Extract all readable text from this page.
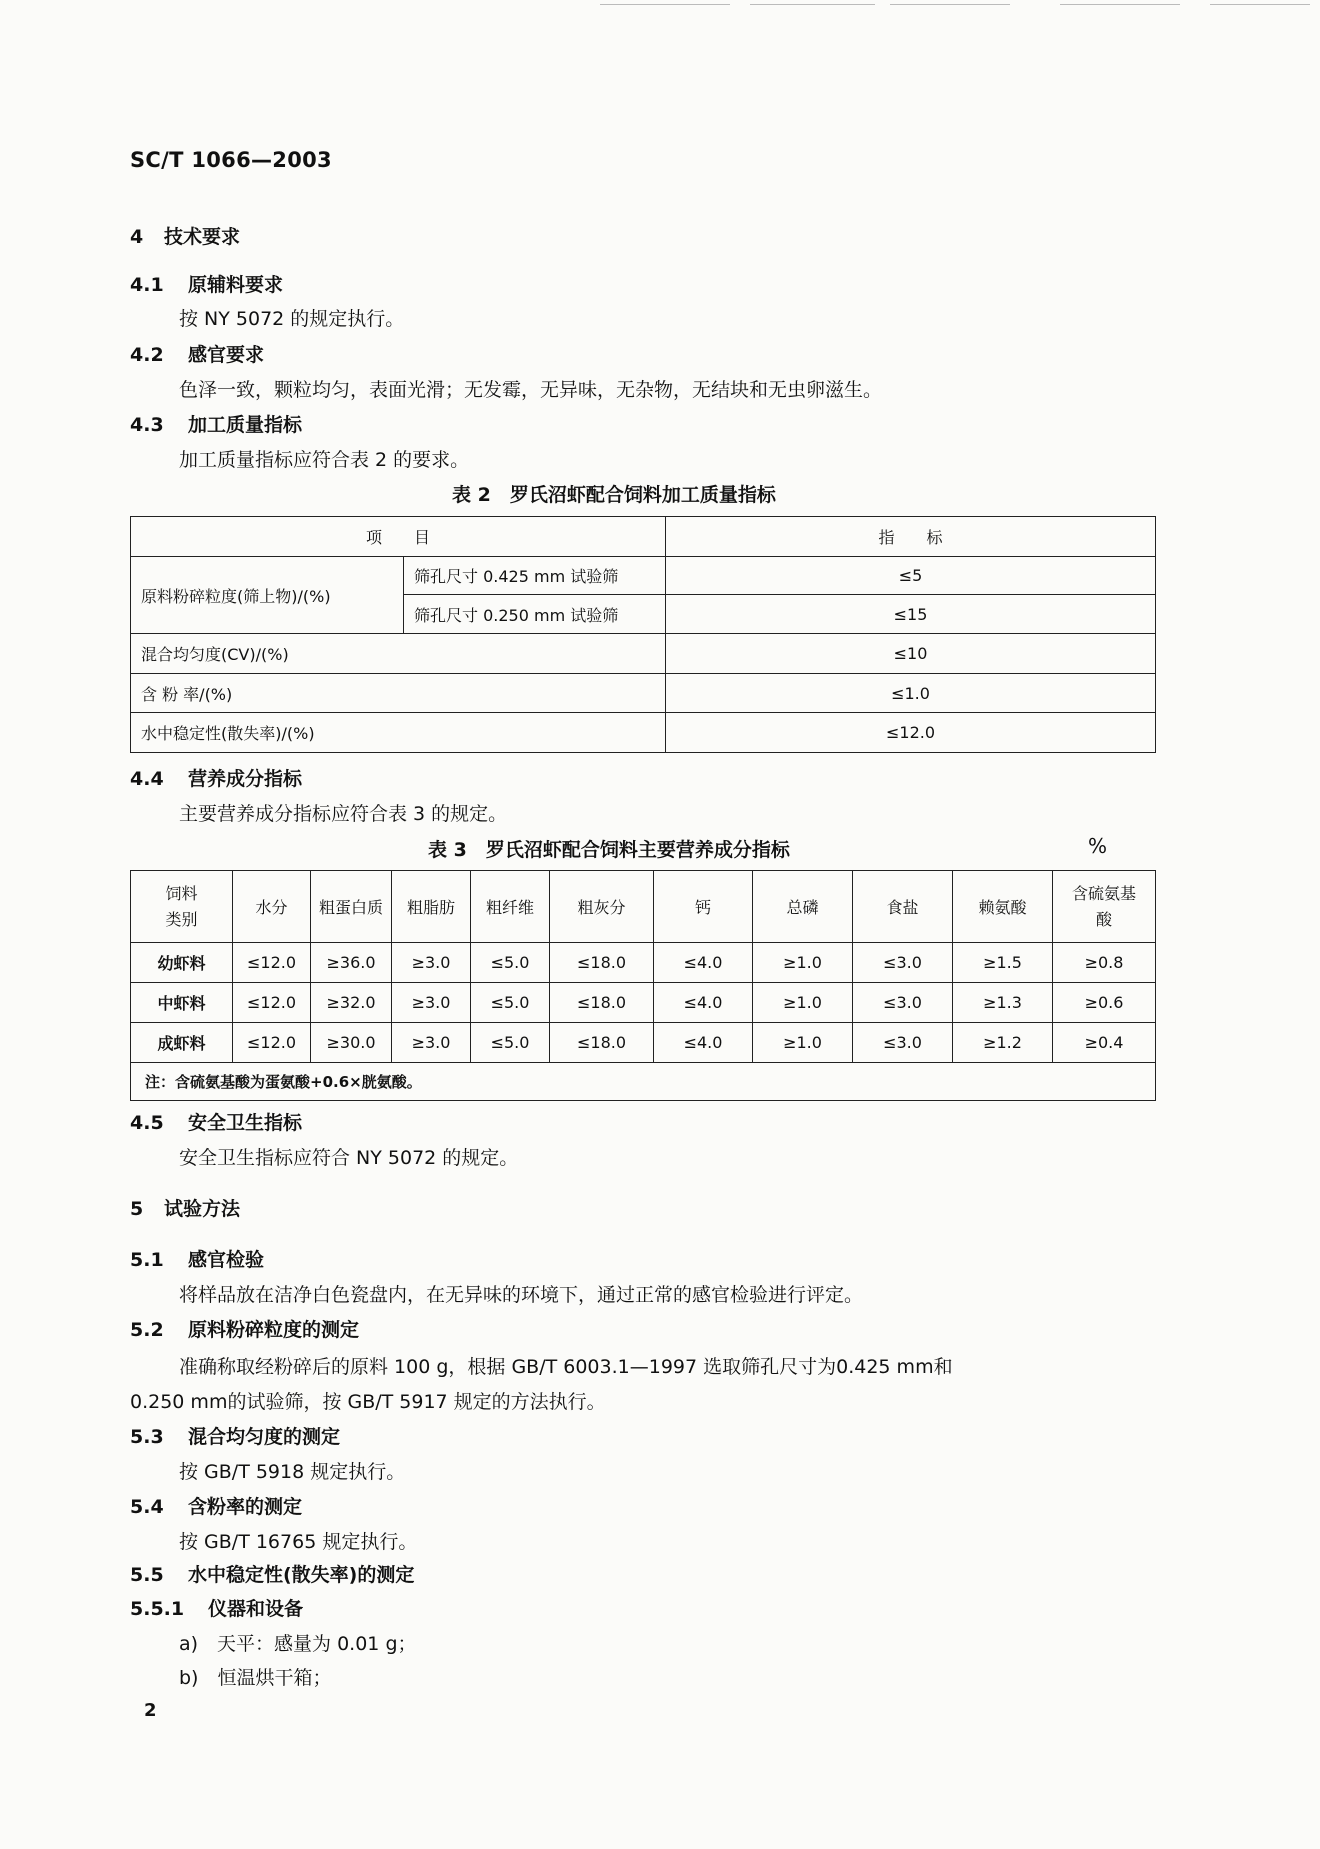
SC/T 1066—2003
4 技术要求
4.1 原辅料要求
按 NY 5072 的规定执行。
4.2 感官要求
色泽一致，颗粒均匀，表面光滑；无发霉，无异味，无杂物，无结块和无虫卵滋生。
4.3 加工质量指标
加工质量指标应符合表 2 的要求。
表 2　罗氏沼虾配合饲料加工质量指标
项　　目		指　　标
原料粉碎粒度(筛上物)/(%)	筛孔尺寸 0.425 mm 试验筛	≤5
	筛孔尺寸 0.250 mm 试验筛	≤15
混合均匀度(CV)/(%)		≤10
含 粉 率/(%)		≤1.0
水中稳定性(散失率)/(%)		≤12.0
4.4 营养成分指标
主要营养成分指标应符合表 3 的规定。
表 3　罗氏沼虾配合饲料主要营养成分指标	%
饲料类别	水分	粗蛋白质	粗脂肪	粗纤维	粗灰分	钙	总磷	食盐	赖氨酸	含硫氨基酸
幼虾料	≤12.0	≥36.0	≥3.0	≤5.0	≤18.0	≤4.0	≥1.0	≤3.0	≥1.5	≥0.8
中虾料	≤12.0	≥32.0	≥3.0	≤5.0	≤18.0	≤4.0	≥1.0	≤3.0	≥1.3	≥0.6
成虾料	≤12.0	≥30.0	≥3.0	≤5.0	≤18.0	≤4.0	≥1.0	≤3.0	≥1.2	≥0.4
注：含硫氨基酸为蛋氨酸+0.6×胱氨酸。										
4.5 安全卫生指标
安全卫生指标应符合 NY 5072 的规定。
5 试验方法
5.1 感官检验
将样品放在洁净白色瓷盘内，在无异味的环境下，通过正常的感官检验进行评定。
5.2 原料粉碎粒度的测定
准确称取经粉碎后的原料 100 g，根据 GB/T 6003.1—1997 选取筛孔尺寸为0.425 mm和
0.250 mm的试验筛，按 GB/T 5917 规定的方法执行。
5.3 混合均匀度的测定
按 GB/T 5918 规定执行。
5.4 含粉率的测定
按 GB/T 16765 规定执行。
5.5 水中稳定性(散失率)的测定
5.5.1 仪器和设备
a)　天平：感量为 0.01 g；
b)　恒温烘干箱；
2
